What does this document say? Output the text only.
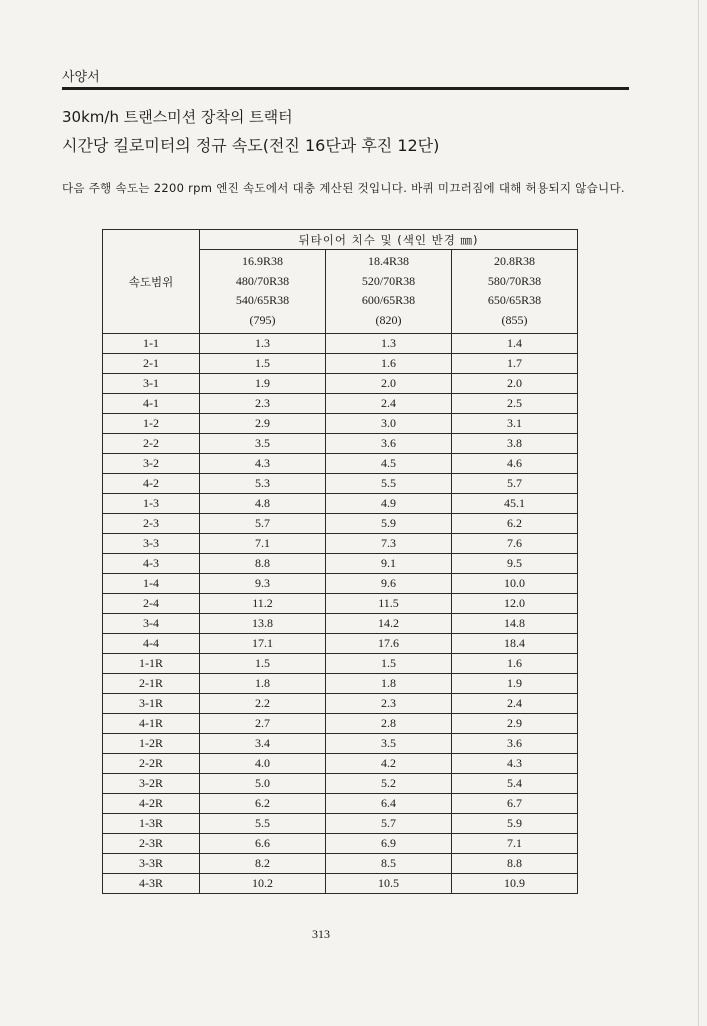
사양서
30km/h 트랜스미션 장착의 트랙터
시간당 킬로미터의 정규 속도(전진 16단과 후진 12단)
다음 주행 속도는 2200 rpm 엔진 속도에서 대충 계산된 것입니다. 바퀴 미끄러짐에 대해 허용되지 않습니다.
속도범위	뒤타이어 치수 및 (색인 반경 ㎜)		

	16.9R38
480/70R38
540/65R38
(795)	18.4R38
520/70R38
600/65R38
(820)	20.8R38
580/70R38
650/65R38
(855)

1-1	1.3	1.3	1.4
2-1	1.5	1.6	1.7
3-1	1.9	2.0	2.0
4-1	2.3	2.4	2.5
1-2	2.9	3.0	3.1
2-2	3.5	3.6	3.8
3-2	4.3	4.5	4.6
4-2	5.3	5.5	5.7
1-3	4.8	4.9	45.1
2-3	5.7	5.9	6.2
3-3	7.1	7.3	7.6
4-3	8.8	9.1	9.5
1-4	9.3	9.6	10.0
2-4	11.2	11.5	12.0
3-4	13.8	14.2	14.8
4-4	17.1	17.6	18.4
1-1R	1.5	1.5	1.6
2-1R	1.8	1.8	1.9
3-1R	2.2	2.3	2.4
4-1R	2.7	2.8	2.9
1-2R	3.4	3.5	3.6
2-2R	4.0	4.2	4.3
3-2R	5.0	5.2	5.4
4-2R	6.2	6.4	6.7
1-3R	5.5	5.7	5.9
2-3R	6.6	6.9	7.1
3-3R	8.2	8.5	8.8
4-3R	10.2	10.5	10.9
313
